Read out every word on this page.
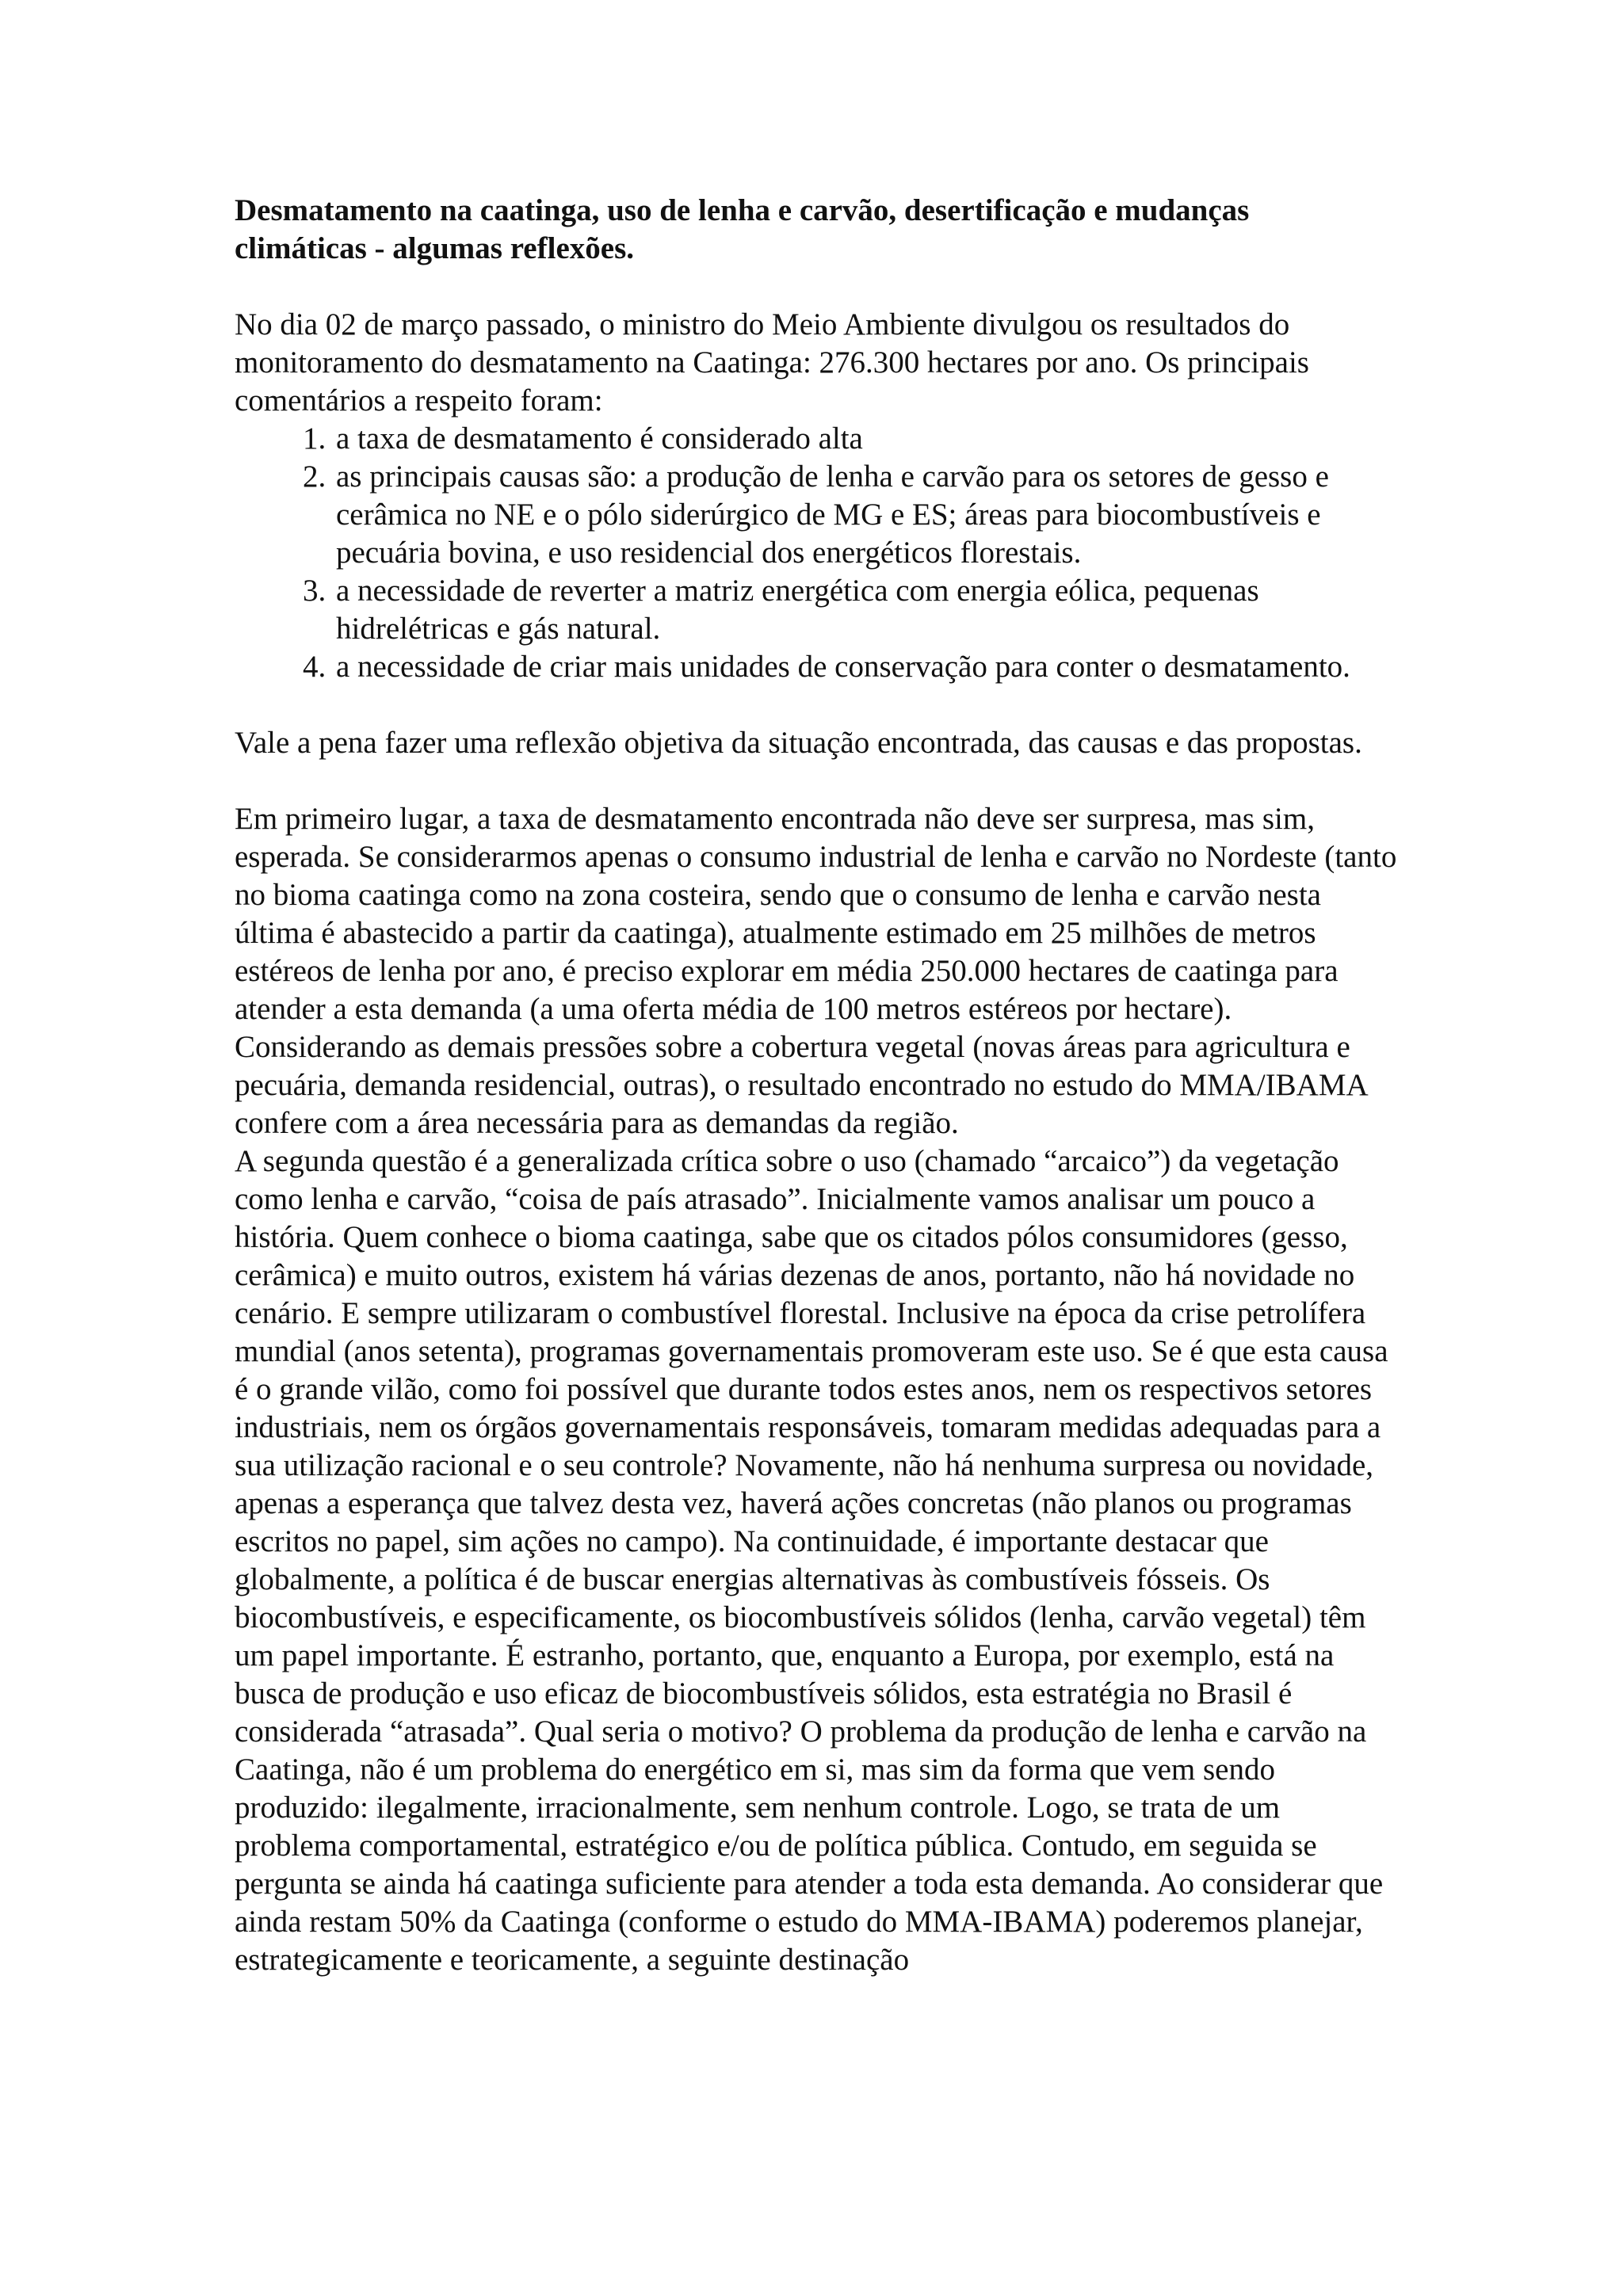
Desmatamento na caatinga, uso de lenha e carvão, desertificação e mudanças climáticas - algumas reflexões.

No dia 02 de março passado, o ministro do Meio Ambiente divulgou os resultados do monitoramento do desmatamento na Caatinga: 276.300 hectares por ano. Os principais comentários a respeito foram:

1. a taxa de desmatamento é considerado alta
2. as principais causas são: a produção de lenha e carvão para os setores de gesso e cerâmica no NE e o pólo siderúrgico de MG e ES; áreas para biocombustíveis e pecuária bovina, e uso residencial dos energéticos florestais.
3. a necessidade de reverter a matriz energética com energia eólica, pequenas hidrelétricas e gás natural.
4. a necessidade de criar mais unidades de conservação para conter o desmatamento.

Vale a pena fazer uma reflexão objetiva da situação encontrada, das causas e das propostas.

Em primeiro lugar, a taxa de desmatamento encontrada não deve ser surpresa, mas sim, esperada. Se considerarmos apenas o consumo industrial de lenha e carvão no Nordeste (tanto no bioma caatinga como na zona costeira, sendo que o consumo de lenha e carvão nesta última é abastecido a partir da caatinga), atualmente estimado em 25 milhões de metros estéreos de lenha por ano, é preciso explorar em média 250.000 hectares de caatinga para atender a esta demanda (a uma oferta média de 100 metros estéreos por hectare). Considerando as demais pressões sobre a cobertura vegetal (novas áreas para agricultura e pecuária, demanda residencial, outras), o resultado encontrado no estudo do MMA/IBAMA confere com a área necessária para as demandas da região.

A segunda questão é a generalizada crítica sobre o uso (chamado “arcaico”) da vegetação como lenha e carvão, “coisa de país atrasado”. Inicialmente vamos analisar um pouco a história. Quem conhece o bioma caatinga, sabe que os citados pólos consumidores (gesso, cerâmica) e muito outros, existem há várias dezenas de anos, portanto, não há novidade no cenário. E sempre utilizaram o combustível florestal. Inclusive na época da crise petrolífera mundial (anos setenta), programas governamentais promoveram este uso. Se é que esta causa é o grande vilão, como foi possível que durante todos estes anos, nem os respectivos setores industriais, nem os órgãos governamentais responsáveis, tomaram medidas adequadas para a sua utilização racional e o seu controle? Novamente, não há nenhuma surpresa ou novidade, apenas a esperança que talvez desta vez, haverá ações concretas (não planos ou programas escritos no papel, sim ações no campo). Na continuidade, é importante destacar que globalmente, a política é de buscar energias alternativas às combustíveis fósseis. Os biocombustíveis, e especificamente, os biocombustíveis sólidos (lenha, carvão vegetal) têm um papel importante. É estranho, portanto, que, enquanto a Europa, por exemplo, está na busca de produção e uso eficaz de biocombustíveis sólidos, esta estratégia no Brasil é considerada “atrasada”. Qual seria o motivo? O problema da produção de lenha e carvão na Caatinga, não é um problema do energético em si, mas sim da forma que vem sendo produzido: ilegalmente, irracionalmente, sem nenhum controle. Logo, se trata de um problema comportamental, estratégico e/ou de política pública. Contudo, em seguida se pergunta se ainda há caatinga suficiente para atender a toda esta demanda. Ao considerar que ainda restam 50% da Caatinga (conforme o estudo do MMA-IBAMA) poderemos planejar, estrategicamente e teoricamente, a seguinte destinação
